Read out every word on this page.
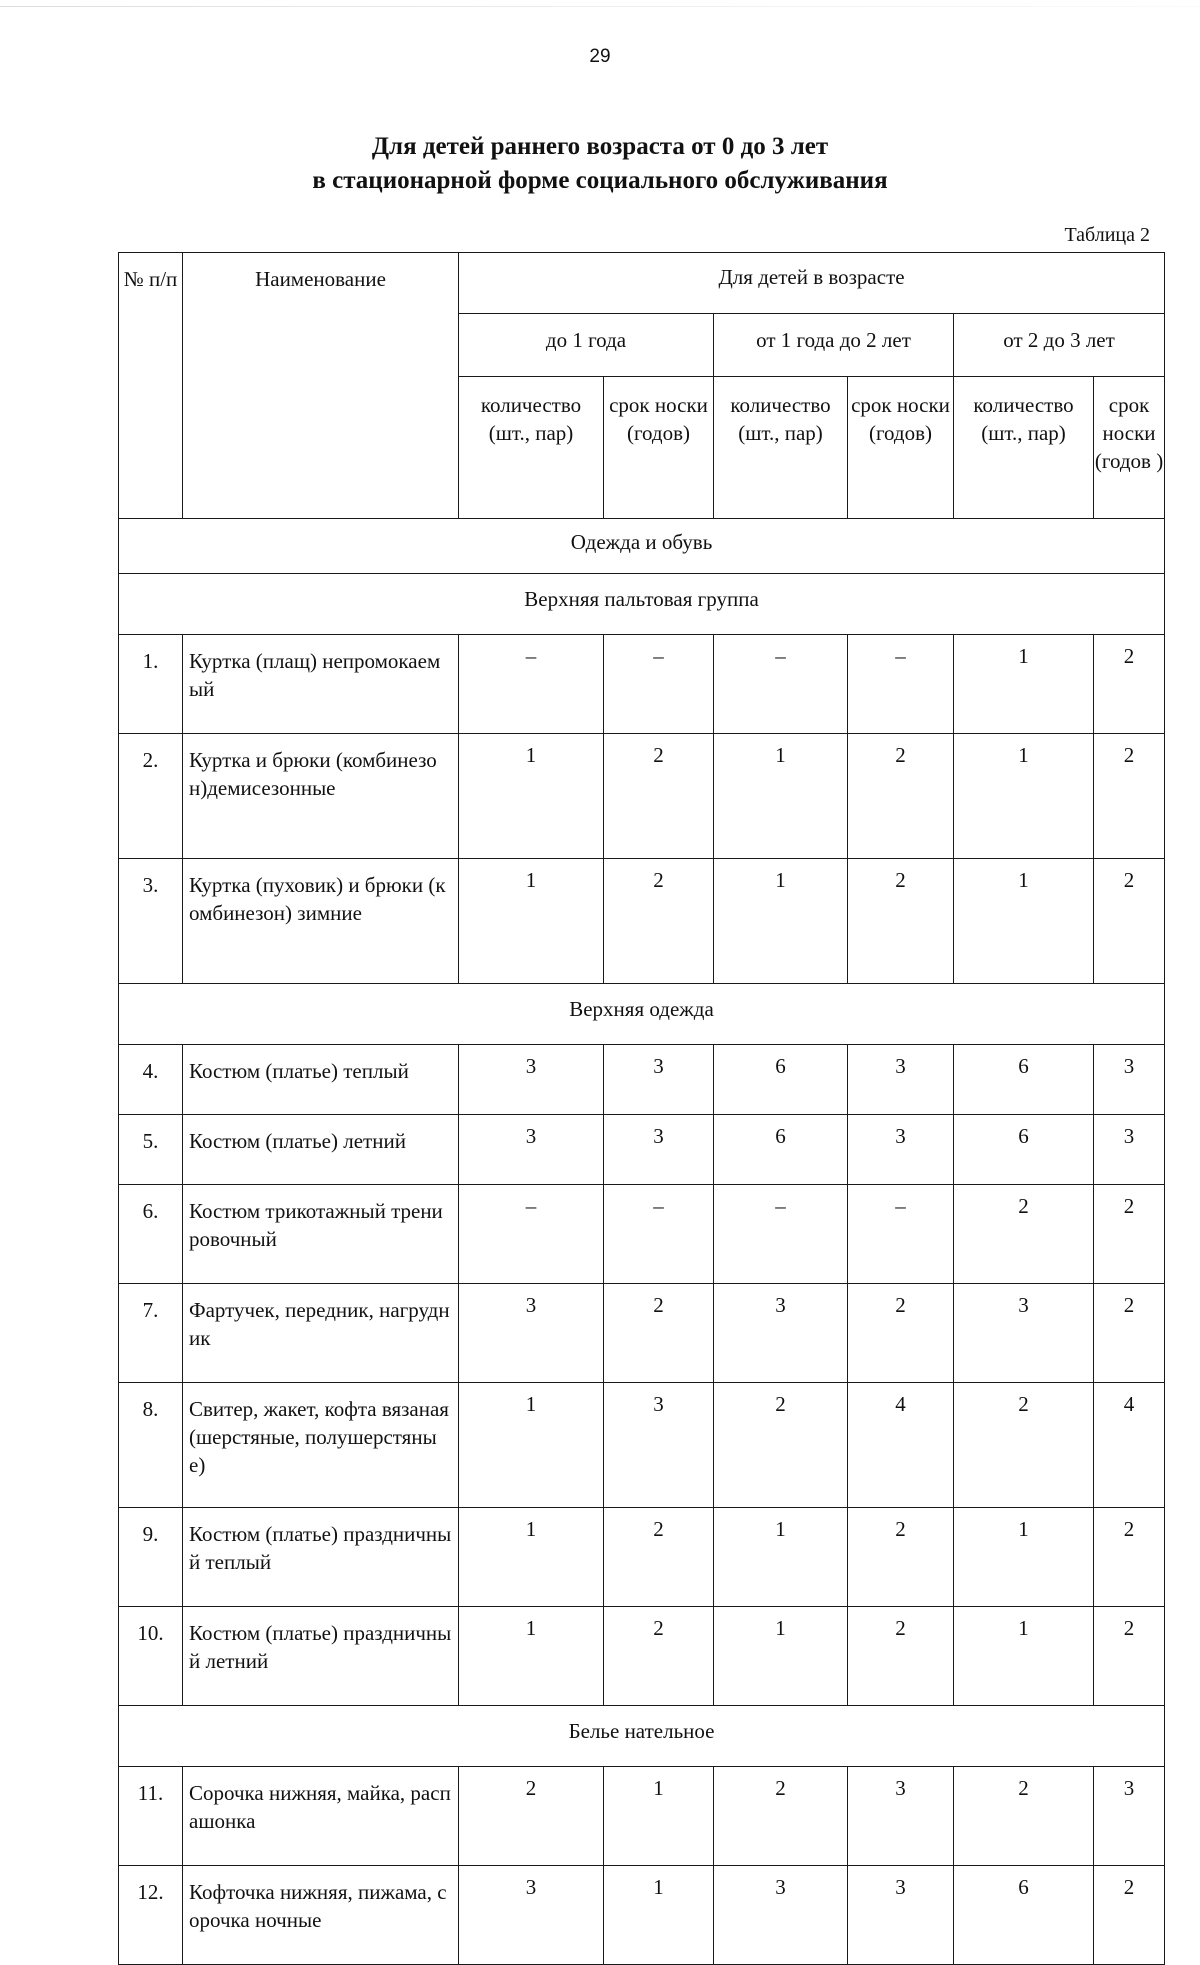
29
Для детей раннего возраста от 0 до 3 лет
в стационарной форме социального обслуживания
Таблица 2
№ п/п	Наименование	Для детей в возрасте					
		до 1 года		от 1 года до 2 лет		от 2 до 3 лет	
		количество (шт., пар)	срок носки (годов)	количество (шт., пар)	срок носки (годов)	количество (шт., пар)	срок носки (годов )
Одежда и обувь							
Верхняя пальтовая группа							
1.	Куртка (плащ) непромокаемый	–	–	–	–	1	2
2.	Куртка и брюки (комбинезон)демисезонные	1	2	1	2	1	2
3.	Куртка (пуховик) и брюки (комбинезон) зимние	1	2	1	2	1	2
Верхняя одежда							
4.	Костюм (платье) теплый	3	3	6	3	6	3
5.	Костюм (платье) летний	3	3	6	3	6	3
6.	Костюм трикотажный тренировочный	–	–	–	–	2	2
7.	Фартучек, передник, нагрудник	3	2	3	2	3	2
8.	Свитер, жакет, кофта вязаная (шерстяные, полушерстяные)	1	3	2	4	2	4
9.	Костюм (платье) праздничный теплый	1	2	1	2	1	2
10.	Костюм (платье) праздничный летний	1	2	1	2	1	2
Белье нательное							
11.	Сорочка нижняя, майка, распашонка	2	1	2	3	2	3
12.	Кофточка нижняя, пижама, сорочка ночные	3	1	3	3	6	2
